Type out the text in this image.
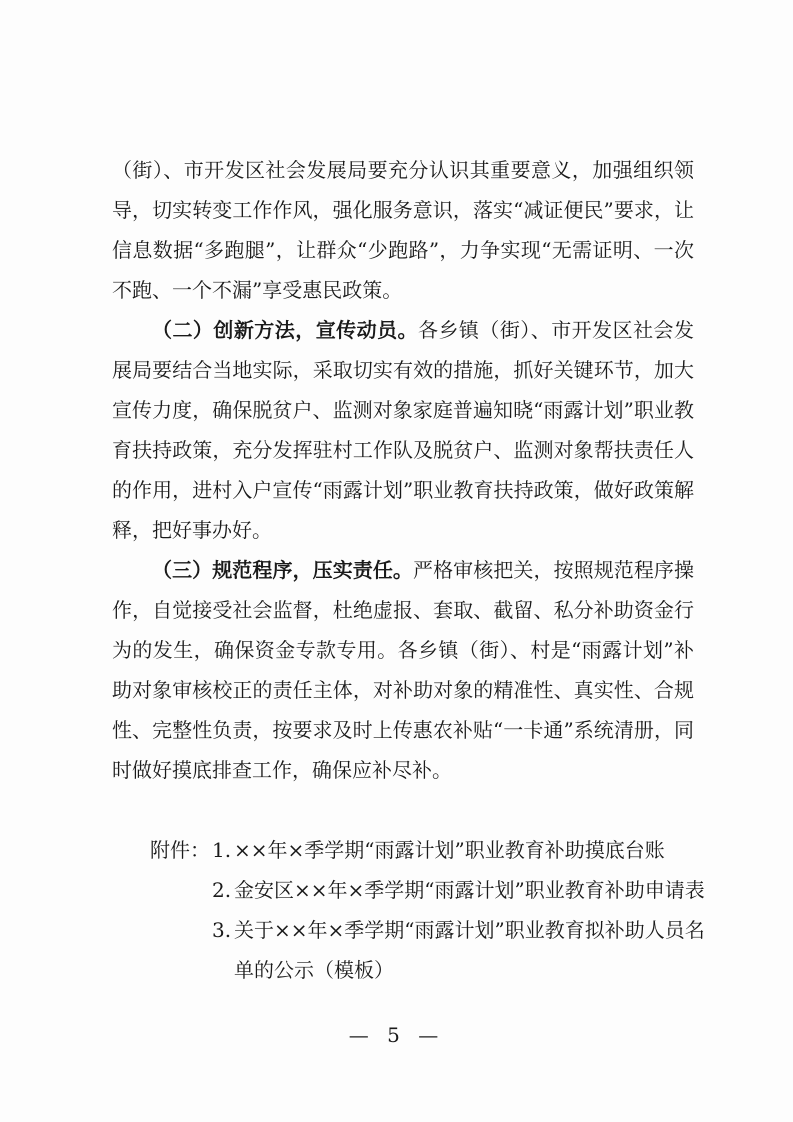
（街）、市开发区社会发展局要充分认识其重要意义，加强组织领导，切实转变工作作风，强化服务意识，落实“减证便民”要求，让信息数据“多跑腿”，让群众“少跑路”，力争实现“无需证明、一次不跑、一个不漏”享受惠民政策。

（二）创新方法，宣传动员。各乡镇（街）、市开发区社会发展局要结合当地实际，采取切实有效的措施，抓好关键环节，加大宣传力度，确保脱贫户、监测对象家庭普遍知晓“雨露计划”职业教育扶持政策，充分发挥驻村工作队及脱贫户、监测对象帮扶责任人的作用，进村入户宣传“雨露计划”职业教育扶持政策，做好政策解释，把好事办好。

（三）规范程序，压实责任。严格审核把关，按照规范程序操作，自觉接受社会监督，杜绝虚报、套取、截留、私分补助资金行为的发生，确保资金专款专用。各乡镇（街）、村是“雨露计划”补助对象审核校正的责任主体，对补助对象的精准性、真实性、合规性、完整性负责，按要求及时上传惠农补贴“一卡通”系统清册，同时做好摸底排查工作，确保应补尽补。

附件： 1. ××年×季学期“雨露计划”职业教育补助摸底台账
2. 金安区××年×季学期“雨露计划”职业教育补助申请表
3. 关于××年×季学期“雨露计划”职业教育拟补助人员名单的公示（模板）
— 5 —
